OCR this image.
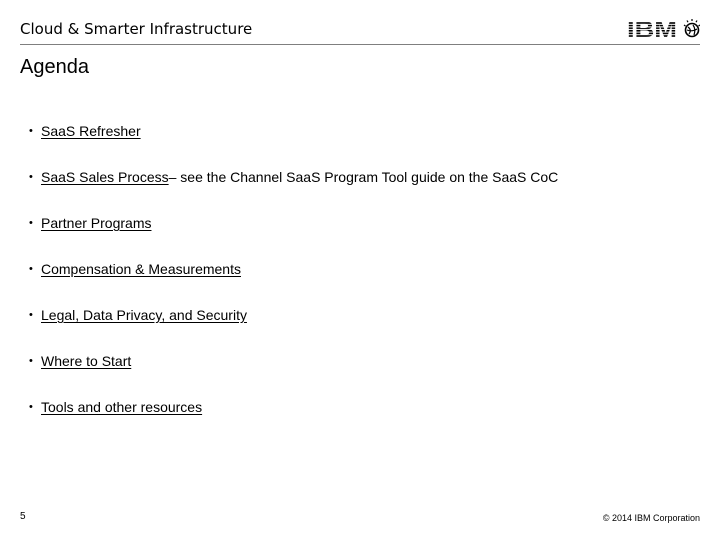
Cloud & Smarter Infrastructure	IBM
Agenda
• SaaS Refresher
• SaaS Sales Process – see the Channel SaaS Program Tool guide on the SaaS CoC
• Partner Programs
• Compensation & Measurements
• Legal, Data Privacy, and Security
• Where to Start
• Tools and other resources
5	© 2014 IBM Corporation
